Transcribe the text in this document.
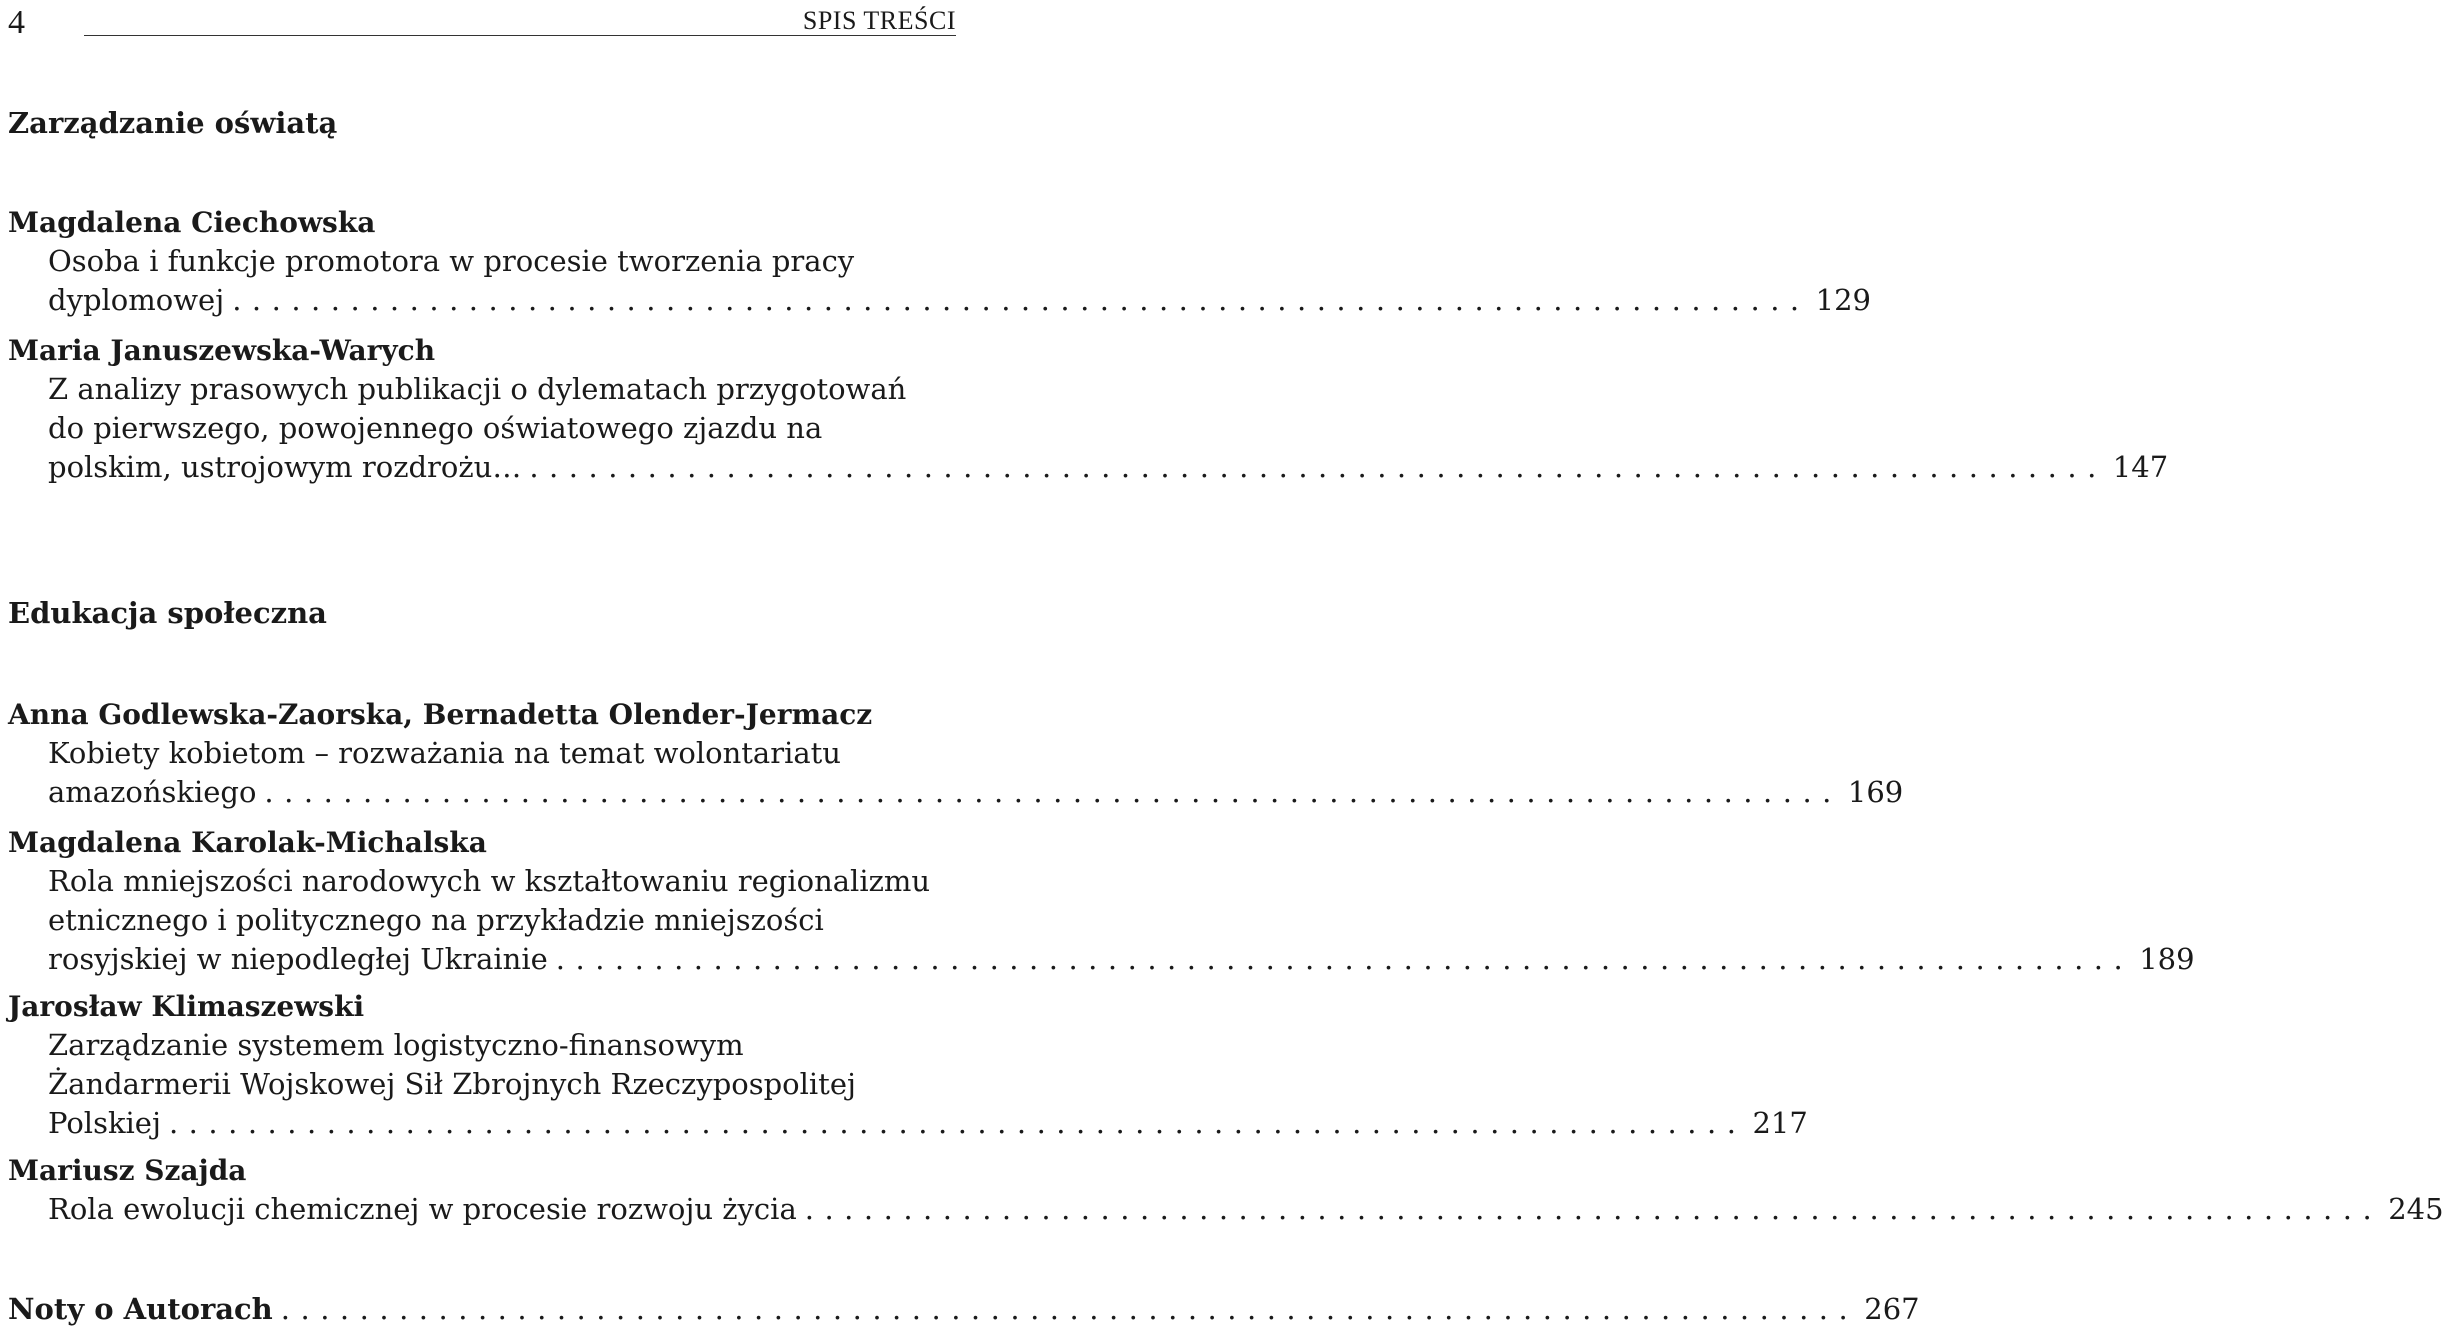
4	SPIS TREŚCI
Zarządzanie oświatą
Magdalena Ciechowska
Osoba i funkcje promotora w procesie tworzenia pracy
dyplomowej ................................................................................ 129
Maria Januszewska-Warych
Z analizy prasowych publikacji o dylematach przygotowań
do pierwszego, powojennego oświatowego zjazdu na
polskim, ustrojowym rozdrożu… ................................................................................ 147
Edukacja społeczna
Anna Godlewska-Zaorska, Bernadetta Olender-Jermacz
Kobiety kobietom – rozważania na temat wolontariatu
amazońskiego ................................................................................ 169
Magdalena Karolak-Michalska
Rola mniejszości narodowych w kształtowaniu regionalizmu
etnicznego i politycznego na przykładzie mniejszości
rosyjskiej w niepodległej Ukrainie ................................................................................ 189
Jarosław Klimaszewski
Zarządzanie systemem logistyczno-finansowym
Żandarmerii Wojskowej Sił Zbrojnych Rzeczypospolitej
Polskiej ................................................................................ 217
Mariusz Szajda
Rola ewolucji chemicznej w procesie rozwoju życia ................................................................................ 245
Noty o Autorach ................................................................................ 267
